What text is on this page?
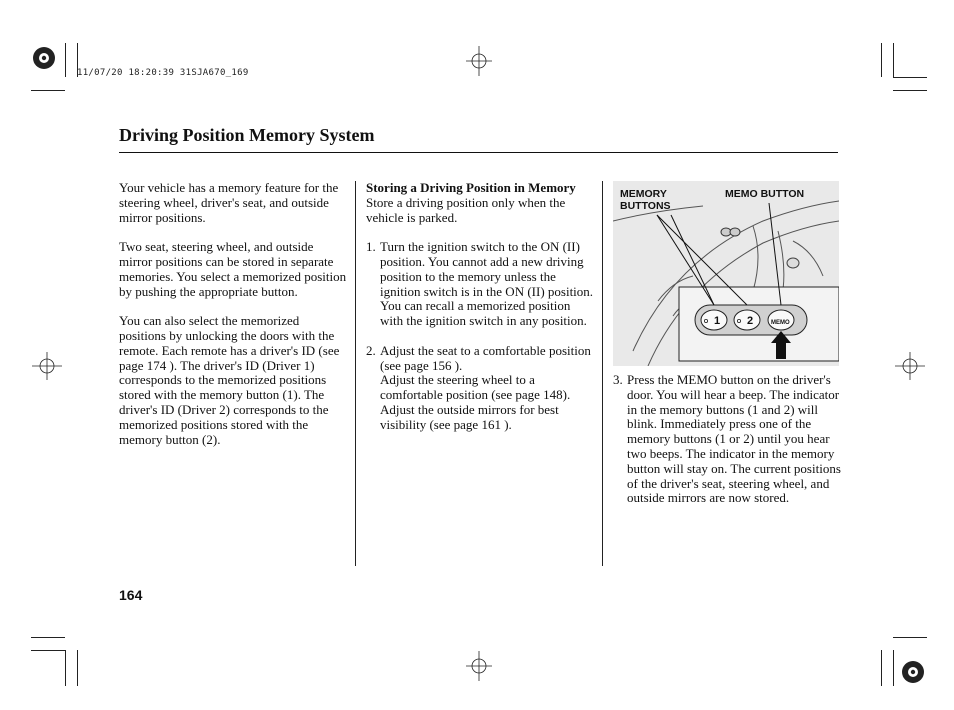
11/07/20 18:20:39 31SJA670_169
Driving Position Memory System

Your vehicle has a memory feature for the steering wheel, driver's seat, and outside mirror positions.

Two seat, steering wheel, and outside mirror positions can be stored in separate memories. You select a memorized position by pushing the appropriate button.

You can also select the memorized positions by unlocking the doors with the remote. Each remote has a driver's ID (see page 174 ). The driver's ID (Driver 1) corresponds to the memorized positions stored with the memory button (1). The driver's ID (Driver 2) corresponds to the memorized positions stored with the memory button (2).

Storing a Driving Position in Memory

Store a driving position only when the vehicle is parked.

1. Turn the ignition switch to the ON (II) position. You cannot add a new driving position to the memory unless the ignition switch is in the ON (II) position. You can recall a memorized position with the ignition switch in any position.
2. Adjust the seat to a comfortable position (see page 156 ).
Adjust the steering wheel to a comfortable position (see page 148).
Adjust the outside mirrors for best visibility (see page 161 ).
MEMORY BUTTONS
MEMO BUTTON
1 2	MEMO
3. Press the MEMO button on the driver's door. You will hear a beep. The indicator in the memory buttons (1 and 2) will blink. Immediately press one of the memory buttons (1 or 2) until you hear two beeps. The indicator in the memory button will stay on. The current positions of the driver's seat, steering wheel, and outside mirrors are now stored.
164
